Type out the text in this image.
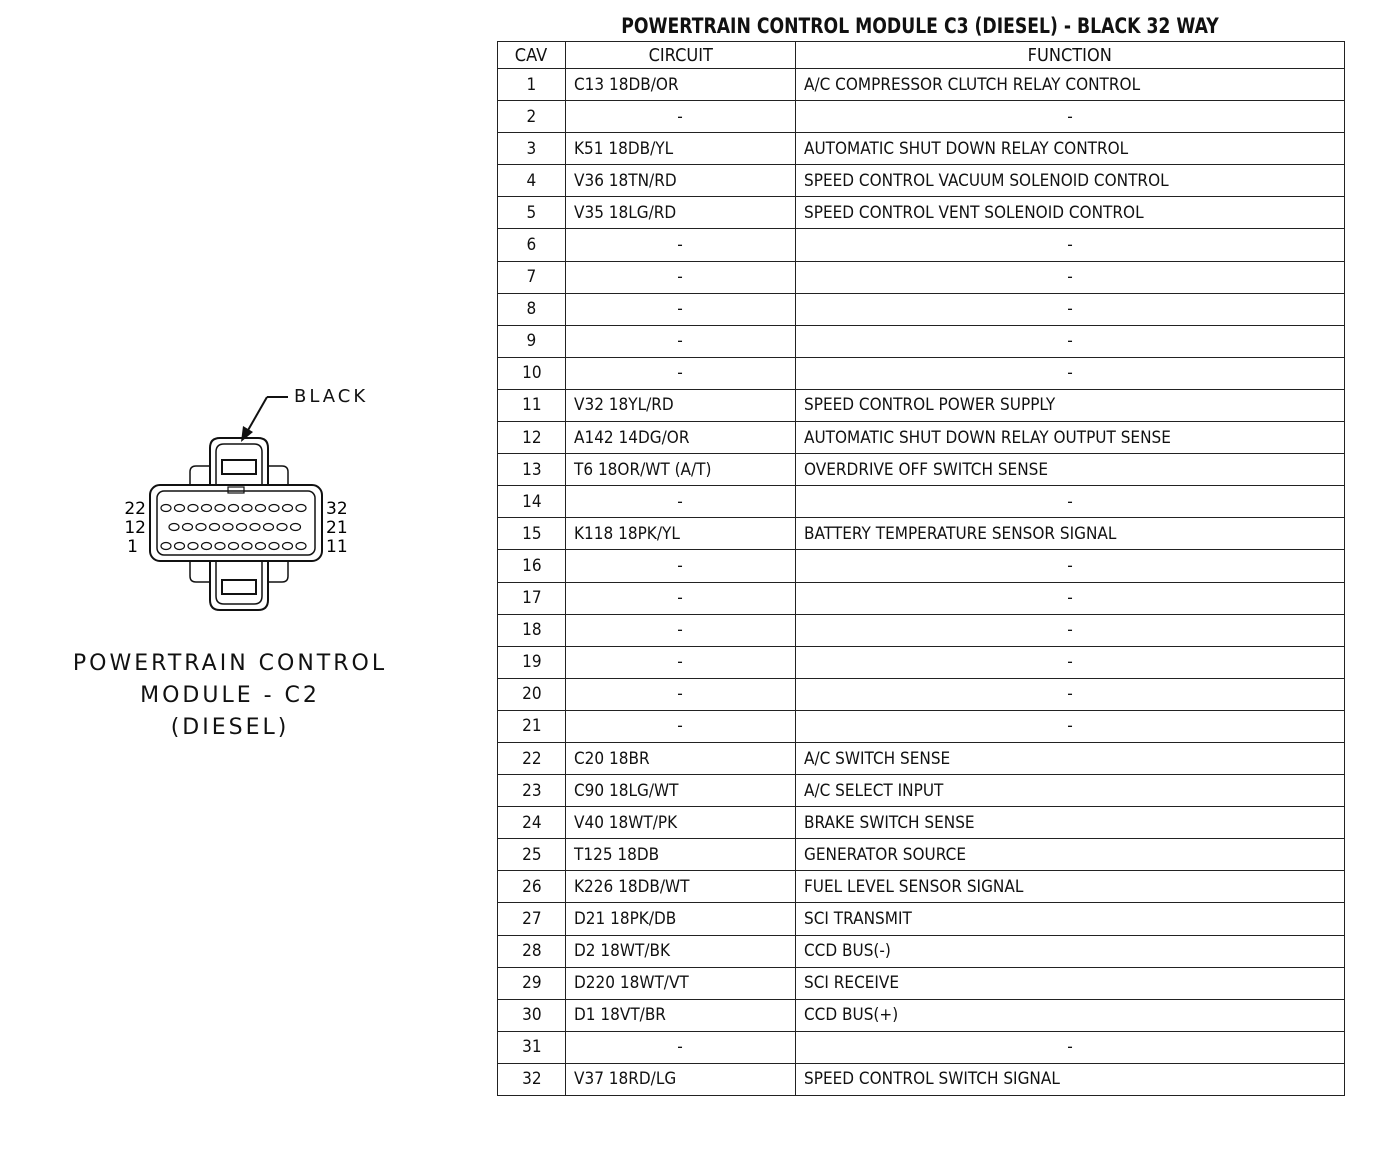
POWERTRAIN CONTROL MODULE C3 (DIESEL) - BLACK 32 WAY
CAV	CIRCUIT	FUNCTION
1	C13 18DB/OR	A/C COMPRESSOR CLUTCH RELAY CONTROL
2	-	-
3	K51 18DB/YL	AUTOMATIC SHUT DOWN RELAY CONTROL
4	V36 18TN/RD	SPEED CONTROL VACUUM SOLENOID CONTROL
5	V35 18LG/RD	SPEED CONTROL VENT SOLENOID CONTROL
6	-	-
7	-	-
8	-	-
9	-	-
10	-	-
11	V32 18YL/RD	SPEED CONTROL POWER SUPPLY
12	A142 14DG/OR	AUTOMATIC SHUT DOWN RELAY OUTPUT SENSE
13	T6 18OR/WT (A/T)	OVERDRIVE OFF SWITCH SENSE
14	-	-
15	K118 18PK/YL	BATTERY TEMPERATURE SENSOR SIGNAL
16	-	-
17	-	-
18	-	-
19	-	-
20	-	-
21	-	-
22	C20 18BR	A/C SWITCH SENSE
23	C90 18LG/WT	A/C SELECT INPUT
24	V40 18WT/PK	BRAKE SWITCH SENSE
25	T125 18DB	GENERATOR SOURCE
26	K226 18DB/WT	FUEL LEVEL SENSOR SIGNAL
27	D21 18PK/DB	SCI TRANSMIT
28	D2 18WT/BK	CCD BUS(-)
29	D220 18WT/VT	SCI RECEIVE
30	D1 18VT/BR	CCD BUS(+)
31	-	-
32	V37 18RD/LG	SPEED CONTROL SWITCH SIGNAL
BLACK
22
12
1
32
21
11
POWERTRAIN CONTROL
MODULE - C2
(DIESEL)
